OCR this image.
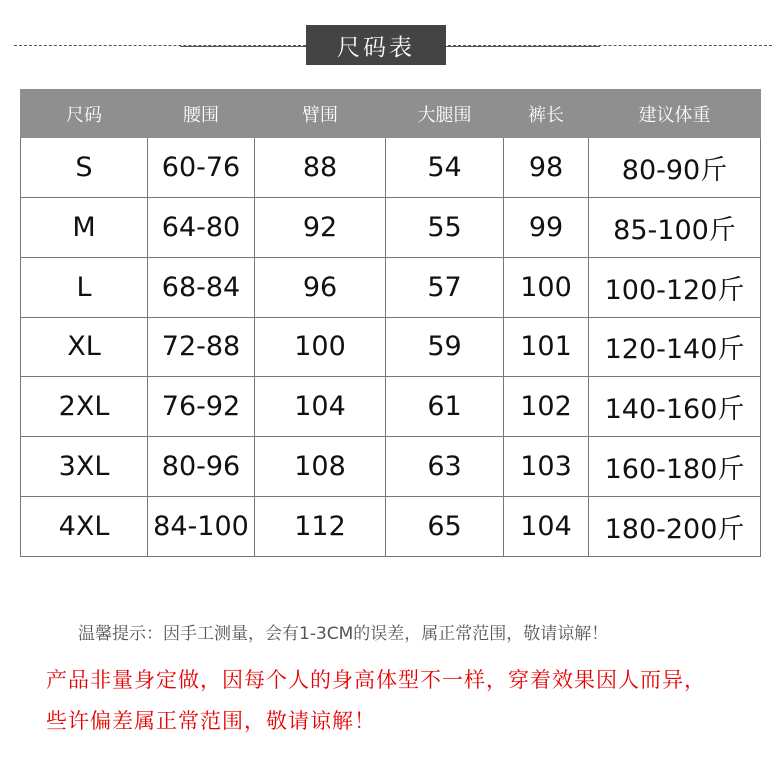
尺码表
尺码	腰围	臂围	大腿围	裤长	建议体重
S	60-76	88	54	98	80-90斤
M	64-80	92	55	99	85-100斤
L	68-84	96	57	100	100-120斤
XL	72-88	100	59	101	120-140斤
2XL	76-92	104	61	102	140-160斤
3XL	80-96	108	63	103	160-180斤
4XL	84-100	112	65	104	180-200斤
温馨提示：因手工测量，会有1-3CM的误差，属正常范围，敬请谅解！
产品非量身定做，因每个人的身高体型不一样，穿着效果因人而异，
些许偏差属正常范围，敬请谅解！
